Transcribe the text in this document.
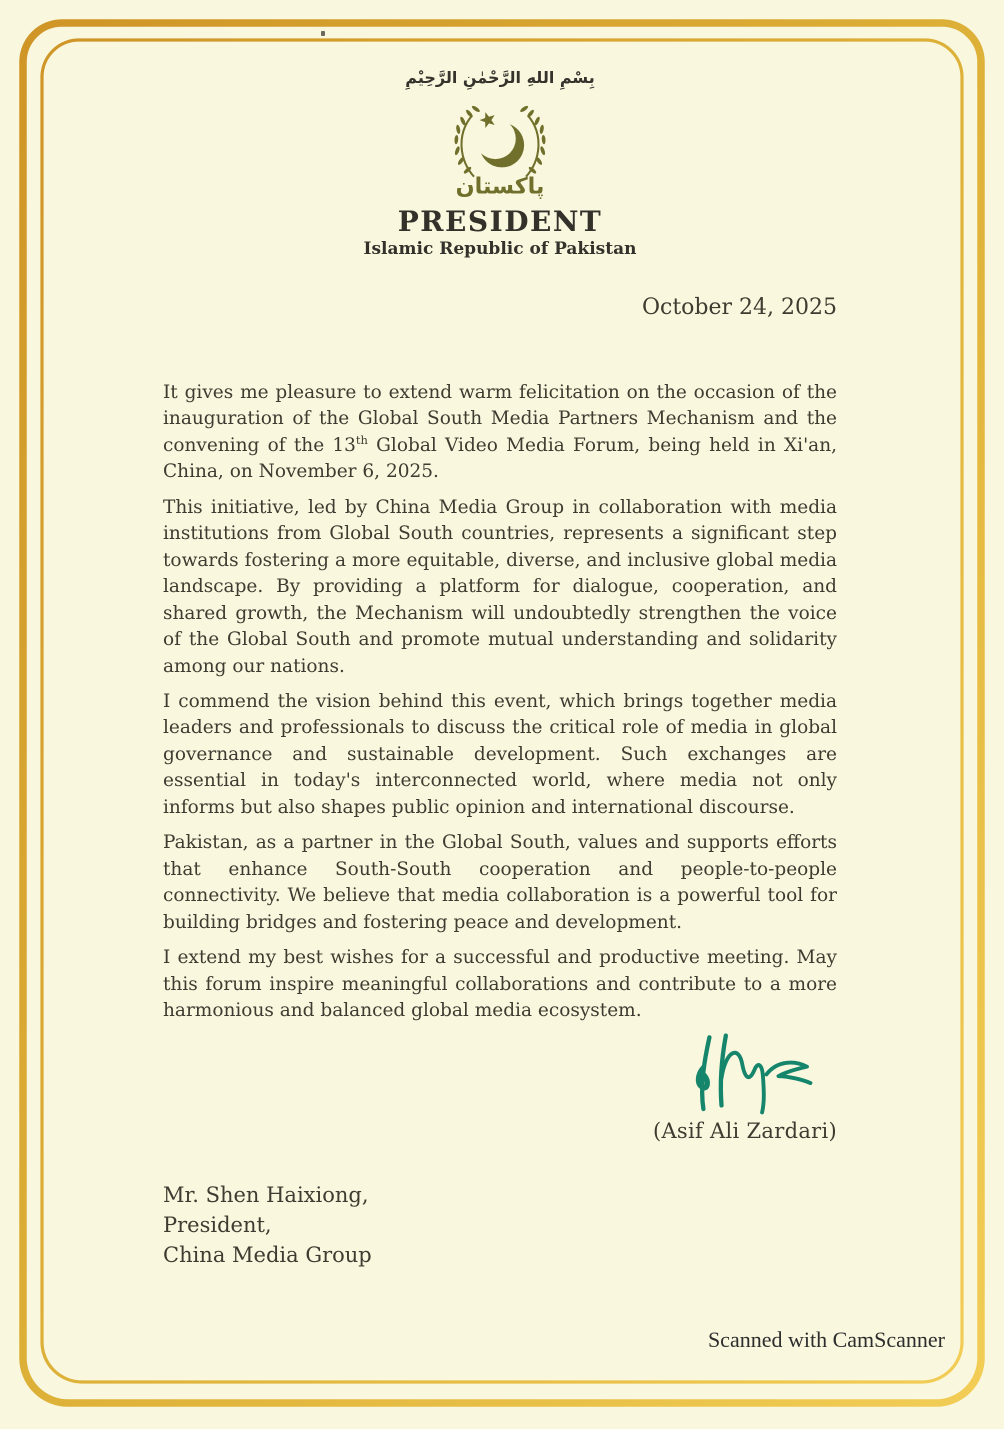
بِسْمِ اللهِ الرَّحْمٰنِ الرَّحِيْمِ
پاکستان
PRESIDENT
Islamic Republic of Pakistan
October 24, 2025

It gives me pleasure to extend warm felicitation on the occasion of the inauguration of the Global South Media Partners Mechanism and the convening of the 13th Global Video Media Forum, being held in Xi'an, China, on November 6, 2025.

This initiative, led by China Media Group in collaboration with media institutions from Global South countries, represents a significant step towards fostering a more equitable, diverse, and inclusive global media landscape. By providing a platform for dialogue, cooperation, and shared growth, the Mechanism will undoubtedly strengthen the voice of the Global South and promote mutual understanding and solidarity among our nations.

I commend the vision behind this event, which brings together media leaders and professionals to discuss the critical role of media in global governance and sustainable development. Such exchanges are essential in today's interconnected world, where media not only informs but also shapes public opinion and international discourse.

Pakistan, as a partner in the Global South, values and supports efforts that enhance South-South cooperation and people-to-people connectivity. We believe that media collaboration is a powerful tool for building bridges and fostering peace and development.

I extend my best wishes for a successful and productive meeting. May this forum inspire meaningful collaborations and contribute to a more harmonious and balanced global media ecosystem.

(Asif Ali Zardari)
Mr. Shen Haixiong,
President,
China Media Group
Scanned with CamScanner
